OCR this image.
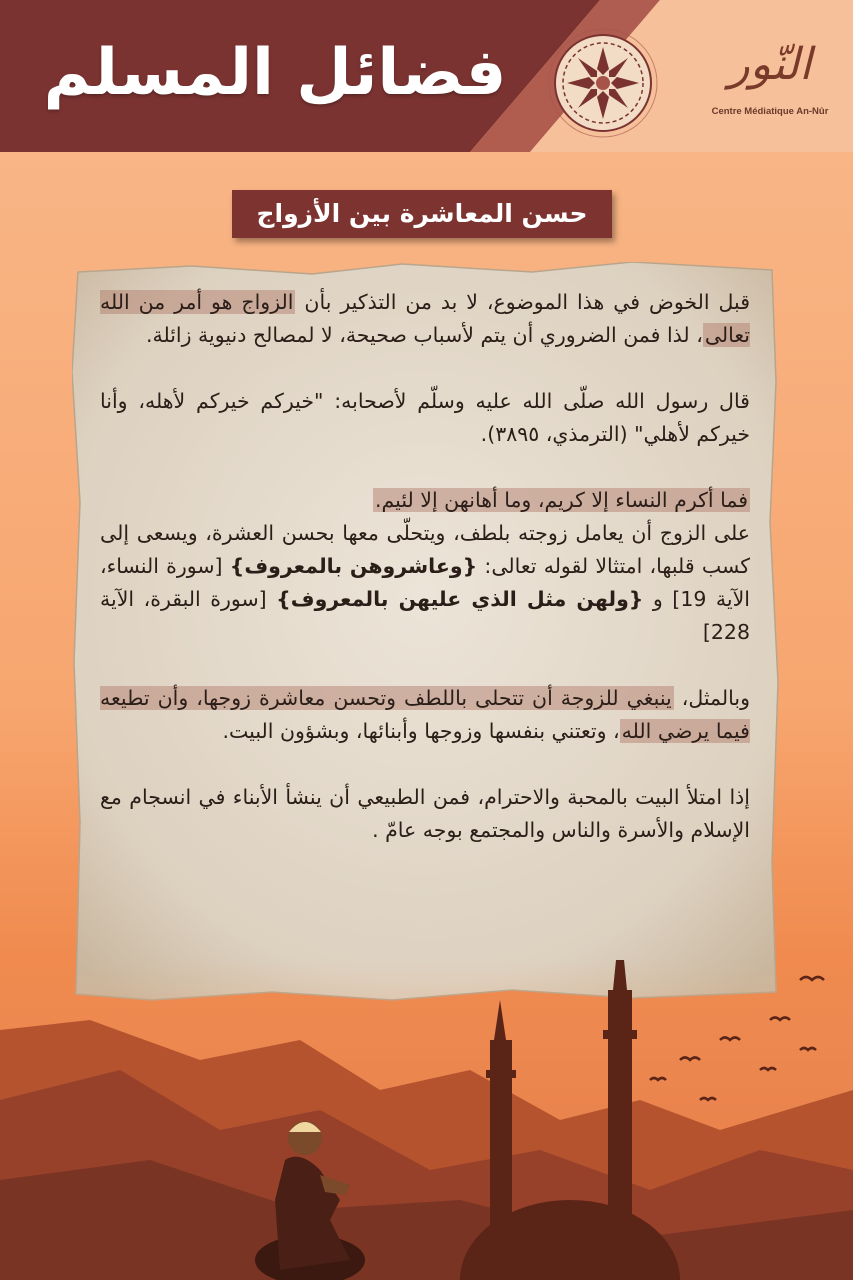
فضائل المسلم	النّور
Centre Médiatique An-Nûr
حسن المعاشرة بين الأزواج

قبل الخوض في هذا الموضوع، لا بد من التذكير بأن الزواج هو أمر من الله تعالى، لذا فمن الضروري أن يتم لأسباب صحيحة، لا لمصالح دنيوية زائلة.

قال رسول الله صلّى الله عليه وسلّم لأصحابه: "خيركم خيركم لأهله، وأنا خيركم لأهلي" (الترمذي، ٣٨٩٥).

فما أكرم النساء إلا كريم، وما أهانهن إلا لئيم.
على الزوج أن يعامل زوجته بلطف، ويتحلّى معها بحسن العشرة، ويسعى إلى كسب قلبها، امتثالا لقوله تعالى: {وعاشروهن بالمعروف} [سورة النساء، الآية 19] و {ولهن مثل الذي عليهن بالمعروف} [سورة البقرة، الآية 228]

وبالمثل، ينبغي للزوجة أن تتحلى باللطف وتحسن معاشرة زوجها، وأن تطيعه فيما يرضي الله، وتعتني بنفسها وزوجها وأبنائها، وبشؤون البيت.

إذا امتلأ البيت بالمحبة والاحترام، فمن الطبيعي أن ينشأ الأبناء في انسجام مع الإسلام والأسرة والناس والمجتمع بوجه عامّ .
